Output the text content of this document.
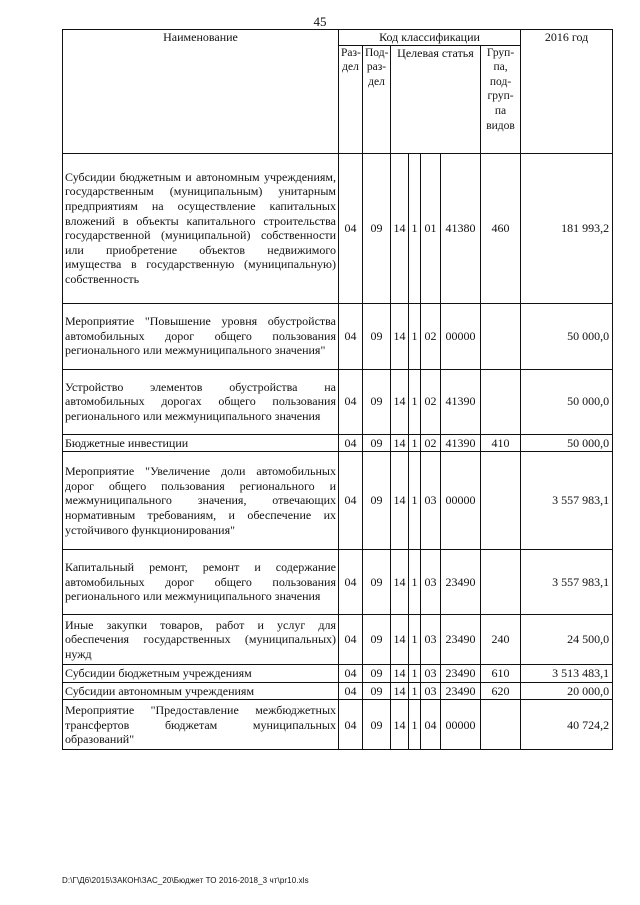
45
Наименование	Код классификации							2016 год
	Раз-дел	Под-раз-дел	Целевая статья				Груп-па, под-груп-па видов	
Субсидии бюджетным и автономным учреждениям, государственным (муниципальным) унитарным предприятиям на осуществление капитальных вложений в объекты капитального строительства государственной (муниципальной) собственности или приобретение объектов недвижимого имущества в государственную (муниципальную) собственность	04	09	14	1	01	41380	460	181 993,2
Мероприятие "Повышение уровня обустройства автомобильных дорог общего пользования регионального или межмуниципального значения"	04	09	14	1	02	00000		50 000,0
Устройство элементов обустройства на автомобильных дорогах общего пользования регионального или межмуниципального значения	04	09	14	1	02	41390		50 000,0
Бюджетные инвестиции	04	09	14	1	02	41390	410	50 000,0
Мероприятие "Увеличение доли автомобильных дорог общего пользования регионального и межмуниципального значения, отвечающих нормативным требованиям, и обеспечение их устойчивого функционирования"	04	09	14	1	03	00000		3 557 983,1
Капитальный ремонт, ремонт и содержание автомобильных дорог общего пользования регионального или межмуниципального значения	04	09	14	1	03	23490		3 557 983,1
Иные закупки товаров, работ и услуг для обеспечения государственных (муниципальных) нужд	04	09	14	1	03	23490	240	24 500,0
Субсидии бюджетным учреждениям	04	09	14	1	03	23490	610	3 513 483,1
Субсидии автономным учреждениям	04	09	14	1	03	23490	620	20 000,0
Мероприятие "Предоставление межбюджетных трансфертов бюджетам муниципальных образований"	04	09	14	1	04	00000		40 724,2
D:\Г\Д6\2015\ЗАКОН\ЗАС_20\Бюджет ТО 2016-2018_3 чт\рr10.xls
